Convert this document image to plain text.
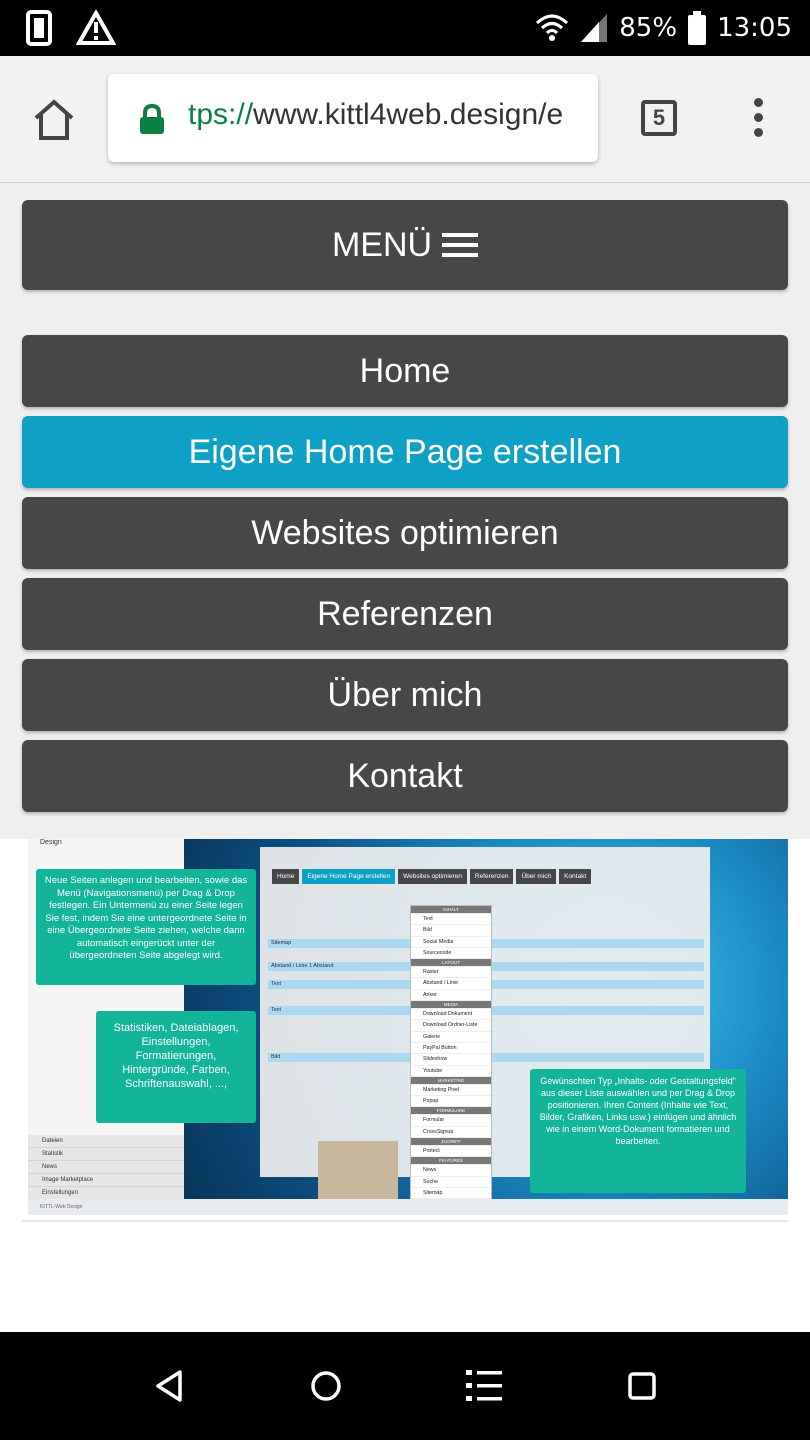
85% 13:05
tps://www.kittl4web.design/e	5
MENÜ
Home
Eigene Home Page erstellen
Websites optimieren
Referenzen
Über mich
Kontakt
Design
Dateien
Statistik
News
Image Marketplace
Einstellungen
Home	Eigene Home Page erstellen	Websites optimieren	Referenzen	Über mich	Kontakt
Sitemap
Abstand / Linie 1 Abstand
Text
Text
Bild
INHALT
Text
Bild
Social Media
Sourcecode
LAYOUT
Raster
Abstand / Linie
Anker
MEDIA
Download Dokument
Download Ordner-Liste
Galerie
PayPal Button
Slideshow
Youtube
MARKETING
Marketing Pixel
Popup
FORMULARE
Formular
CrossSignup
ZUGRIFF
Protect
FEATURES
News
Suche
Sitemap
Neue Seiten anlegen und bearbeiten, sowie das Menü (Navigationsmenü) per Drag & Drop festlegen. Ein Untermenü zu einer Seite legen Sie fest, indem Sie eine untergeordnete Seite in eine Übergeordnete Seite ziehen, welche dann automatisch eingerückt unter der übergeordneten Seite abgelegt wird.
Statistiken, Dateiablagen, Einstellungen, Formatierungen, Hintergründe, Farben, Schriftenauswahl, ...,	Gewünschten Typ „Inhalts- oder Gestaltungsfeld“ aus dieser Liste auswählen und per Drag & Drop positionieren. Ihren Content (Inhalte wie Text, Bilder, Grafiken, Links usw.) einfügen und ähnlich wie in einem Word-Dokument formatieren und bearbeiten.
KITTL-Web Design
